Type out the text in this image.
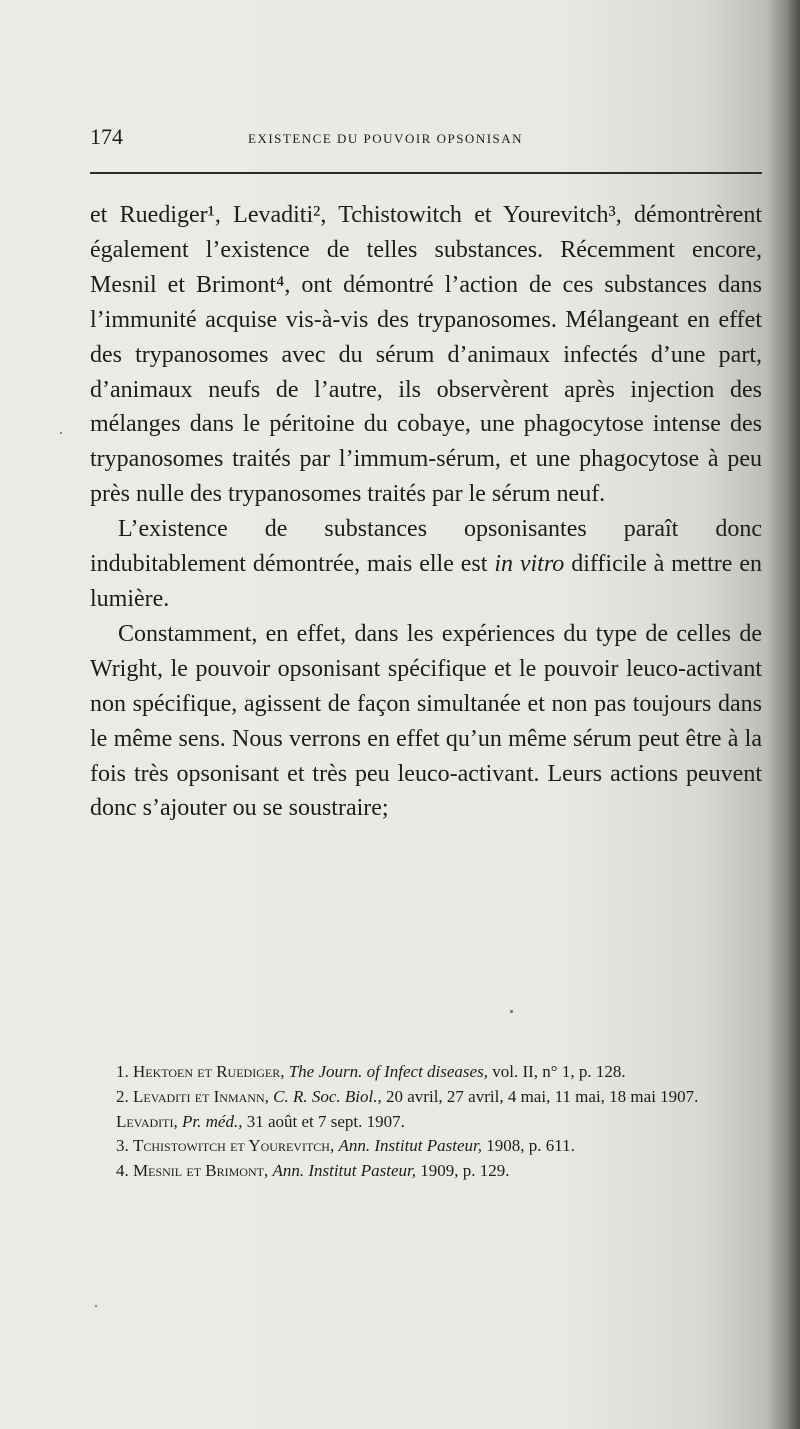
174	EXISTENCE DU POUVOIR OPSONISAN

et Ruediger¹, Levaditi², Tchistowitch et Yourevitch³, démontrèrent également l’existence de telles substances. Récemment encore, Mesnil et Brimont⁴, ont démontré l’action de ces substances dans l’immunité acquise vis-à-vis des trypanosomes. Mélangeant en effet des trypanosomes avec du sérum d’animaux infectés d’une part, d’animaux neufs de l’autre, ils observèrent après injection des mélanges dans le péritoine du cobaye, une phagocytose intense des trypanosomes traités par l’immum-sérum, et une phagocytose à peu près nulle des trypanosomes traités par le sérum neuf.

L’existence de substances opsonisantes paraît donc indubitablement démontrée, mais elle est in vitro difficile à mettre en lumière.

Constamment, en effet, dans les expériences du type de celles de Wright, le pouvoir opsonisant spécifique et le pouvoir leuco-activant non spécifique, agissent de façon simultanée et non pas toujours dans le même sens. Nous verrons en effet qu’un même sérum peut être à la fois très opsonisant et très peu leuco-activant. Leurs actions peuvent donc s’ajouter ou se soustraire;

1. Hektoen et Ruediger, The Journ. of Infect diseases, vol. II, n° 1, p. 128.

2. Levaditi et Inmann, C. R. Soc. Biol., 20 avril, 27 avril, 4 mai, 11 mai, 18 mai 1907.

Levaditi, Pr. méd., 31 août et 7 sept. 1907.

3. Tchistowitch et Yourevitch, Ann. Institut Pasteur, 1908, p. 611.

4. Mesnil et Brimont, Ann. Institut Pasteur, 1909, p. 129.
